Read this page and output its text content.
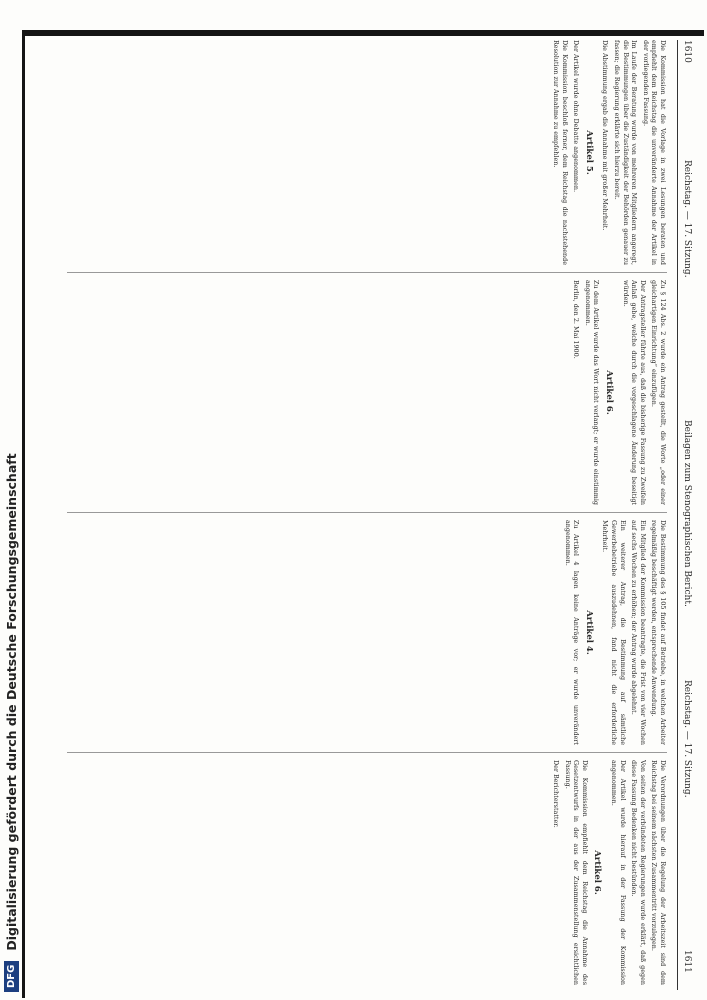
DFG
Digitalisierung gefördert durch die Deutsche Forschungsgemeinschaft
1610
Reichstag. — 17. Sitzung.
Beilagen zum Stenographischen Bericht.
Reichstag. — 17. Sitzung.
1611

Die Kommission hat die Vorlage in zwei Lesungen beraten und empfiehlt dem Reichstag die unveränderte Annahme der Artikel in der vorliegenden Fassung.

Im Laufe der Beratung wurde von mehreren Mitgliedern angeregt, die Bestimmungen über die Zuständigkeit der Behörden genauer zu fassen; die Regierung erklärte sich hierzu bereit.

Die Abstimmung ergab die Annahme mit großer Mehrheit.

Artikel 5.

Der Artikel wurde ohne Debatte angenommen.

Die Kommission beschloß ferner, dem Reichstag die nachstehende Resolution zur Annahme zu empfehlen.

Zu § 124 Abs. 2 wurde ein Antrag gestellt, die Worte „oder einer gleichartigen Einrichtung“ einzufügen.

Der Antragsteller führte aus, daß die bisherige Fassung zu Zweifeln Anlaß gebe, welche durch die vorgeschlagene Änderung beseitigt würden.

Artikel 6.

Zu dem Artikel wurde das Wort nicht verlangt; er wurde einstimmig angenommen.

Berlin, den 2. Mai 1900.

Die Bestimmung des § 105 findet auf Betriebe, in welchen Arbeiter regelmäßig beschäftigt werden, entsprechende Anwendung.

Ein Mitglied der Kommission beantragte, die Frist von vier Wochen auf sechs Wochen zu erhöhen; der Antrag wurde abgelehnt.

Ein weiterer Antrag, die Bestimmung auf sämtliche Gewerbebetriebe auszudehnen, fand nicht die erforderliche Mehrheit.

Artikel 4.

Zu Artikel 4 lagen keine Anträge vor; er wurde unverändert angenommen.

Die Verordnungen über die Regelung der Arbeitszeit sind dem Reichstag bei seinem nächsten Zusammentritt vorzulegen.

Von seiten der verbündeten Regierungen wurde erklärt, daß gegen diese Fassung Bedenken nicht bestünden.

Der Artikel wurde hierauf in der Fassung der Kommission angenommen.

Artikel 6.

Die Kommission empfiehlt dem Reichstag die Annahme des Gesetzentwurfs in der aus der Zusammenstellung ersichtlichen Fassung.

Der Berichterstatter.
